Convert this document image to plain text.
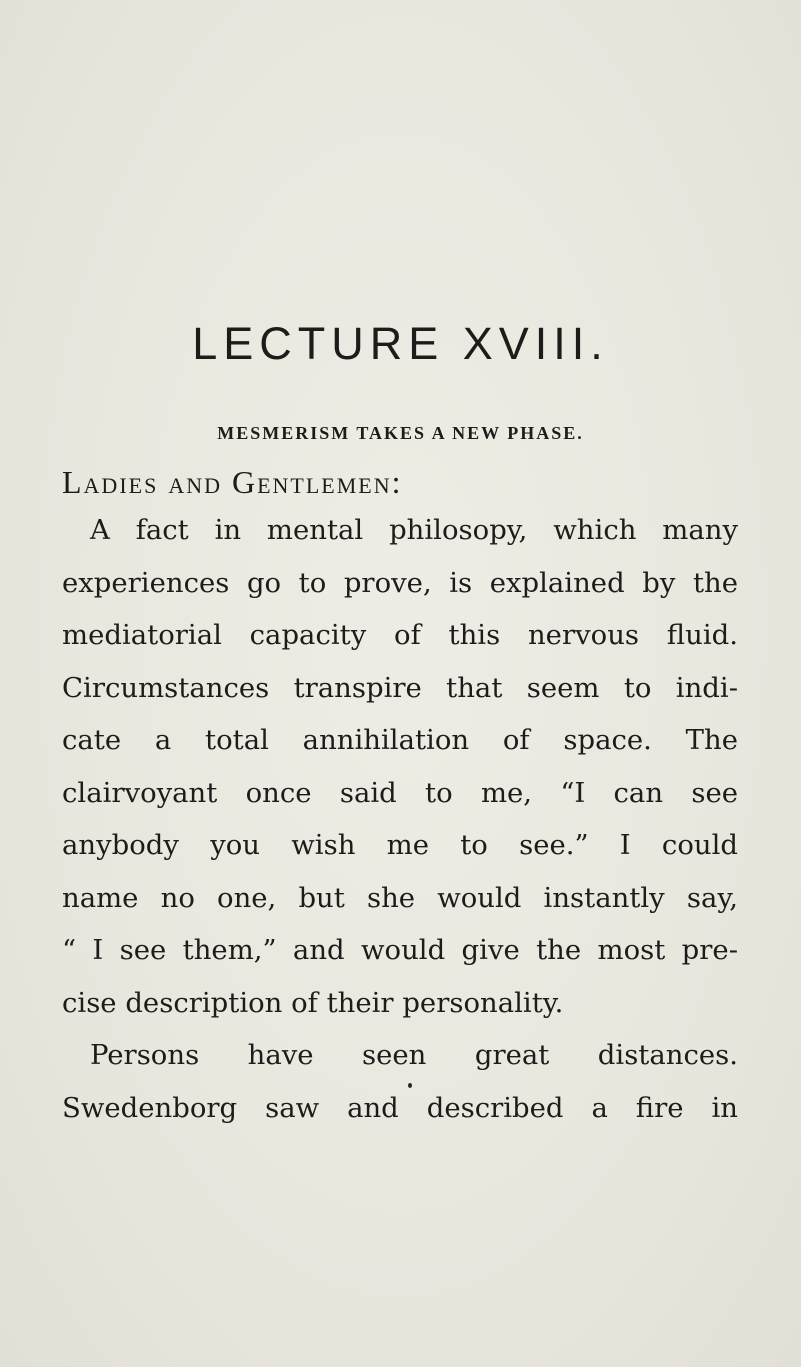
LECTURE XVIII.
MESMERISM TAKES A NEW PHASE.
Ladies and Gentlemen:
A fact in mental philosopy, which many
experiences go to prove, is explained by the
mediatorial capacity of this nervous fluid.
Circumstances transpire that seem to indi-
cate a total annihilation of space. The
clairvoyant once said to me, “I can see
anybody you wish me to see.” I could
name no one, but she would instantly say,
“ I see them,” and would give the most pre-
cise description of their personality.
Persons have seen great distances.
Swedenborg saw and described a fire in
